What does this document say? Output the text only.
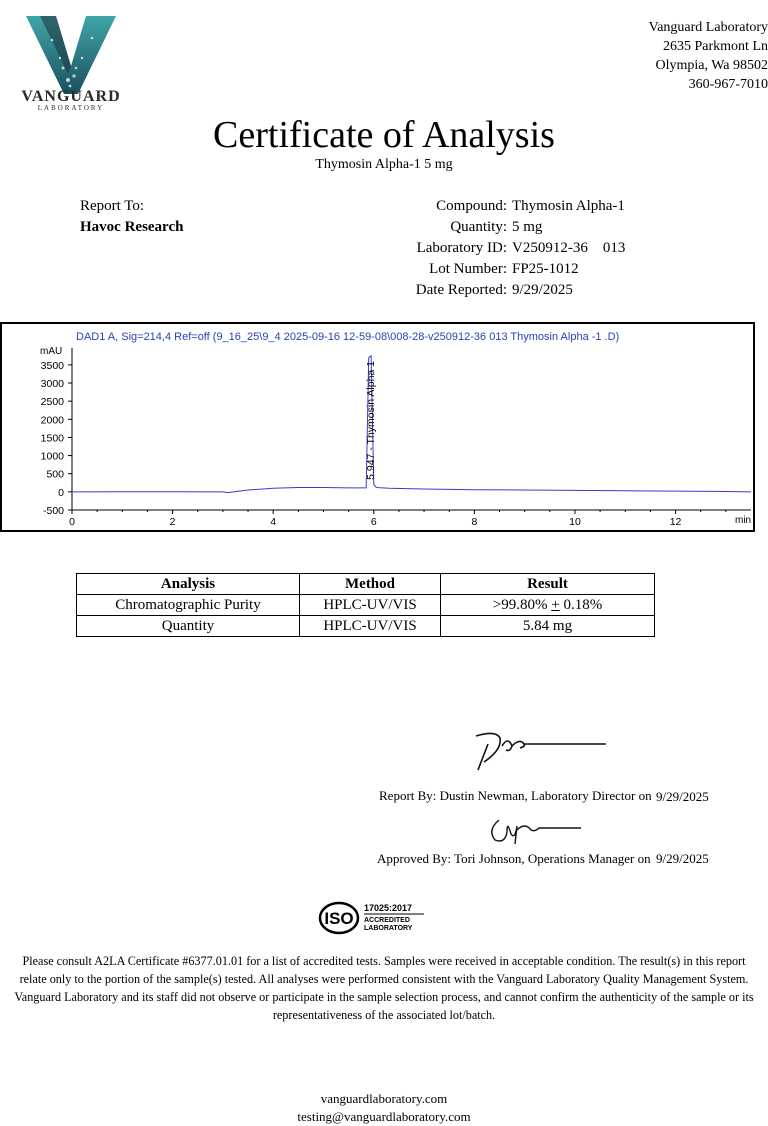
VANGUARD
LABORATORY
Vanguard Laboratory
2635 Parkmont Ln
Olympia, Wa 98502
360-967-7010
Certificate of Analysis
Thymosin Alpha-1 5 mg
Report To:
Havoc Research
Compound: Thymosin Alpha-1
Quantity: 5 mg
Laboratory ID: V250912-36    013
Lot Number: FP25-1012
Date Reported: 9/29/2025
DAD1 A, Sig=214,4 Ref=off (9_16_25\9_4 2025-09-16 12-59-08\008-28-v250912-36 013 Thymosin Alpha -1 .D)
mAU
min
-500
0
500
1000
1500
2000
2500
3000
3500
0	2	4	6	8	10	12
5.947 - Thymosin Alpha 1
Analysis	Method	Result
Chromatographic Purity	HPLC-UV/VIS	>99.80% + 0.18%
Quantity	HPLC-UV/VIS	5.84 mg
Report By: Dustin Newman, Laboratory Director on 9/29/2025
Approved By: Tori Johnson, Operations Manager on 9/29/2025
ISO
17025:2017
ACCREDITED
LABORATORY
Please consult A2LA Certificate #6377.01.01 for a list of accredited tests. Samples were received in acceptable condition. The result(s) in this report relate only to the portion of the sample(s) tested. All analyses were performed consistent with the Vanguard Laboratory Quality Management System. Vanguard Laboratory and its staff did not observe or participate in the sample selection process, and cannot confirm the authenticity of the sample or its representativeness of the associated lot/batch.
vanguardlaboratory.com
testing@vanguardlaboratory.com
